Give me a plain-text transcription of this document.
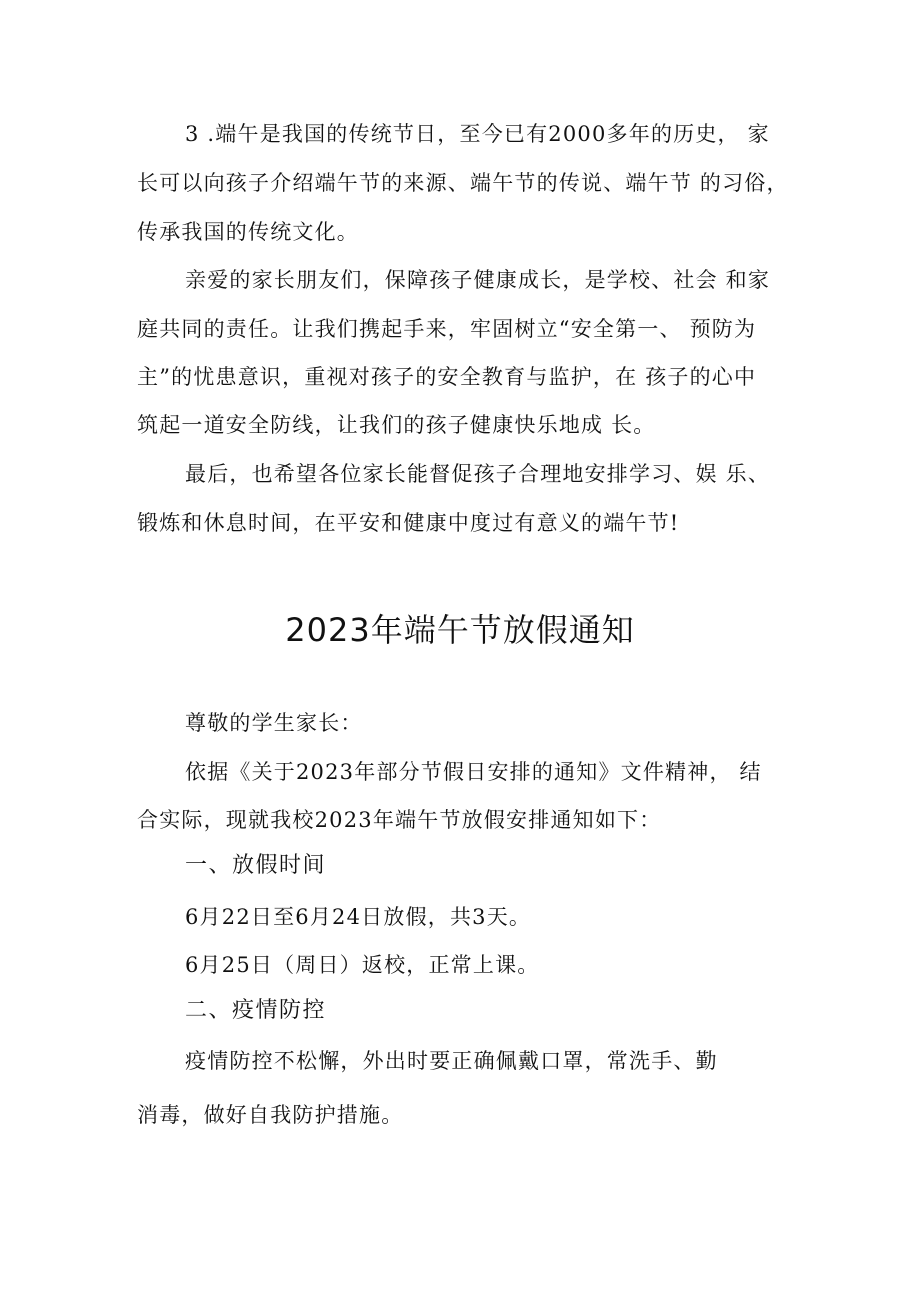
3 .端午是我国的传统节日，至今已有2000多年的历史， 家
长可以向孩子介绍端午节的来源、端午节的传说、端午节 的习俗，
传承我国的传统文化。
亲爱的家长朋友们，保障孩子健康成长，是学校、社会 和家
庭共同的责任。让我们携起手来，牢固树立“安全第一、 预防为
主”的忧患意识，重视对孩子的安全教育与监护，在 孩子的心中
筑起一道安全防线，让我们的孩子健康快乐地成 长。
最后，也希望各位家长能督促孩子合理地安排学习、娱 乐、
锻炼和休息时间，在平安和健康中度过有意义的端午节!
2023年端午节放假通知
尊敬的学生家长：
依据《关于2023年部分节假日安排的通知》文件精神， 结
合实际，现就我校2023年端午节放假安排通知如下：
一、放假时间
6月22日至6月24日放假，共3天。
6月25日（周日）返校，正常上课。
二、疫情防控
疫情防控不松懈，外出时要正确佩戴口罩，常洗手、勤
消毒，做好自我防护措施。
